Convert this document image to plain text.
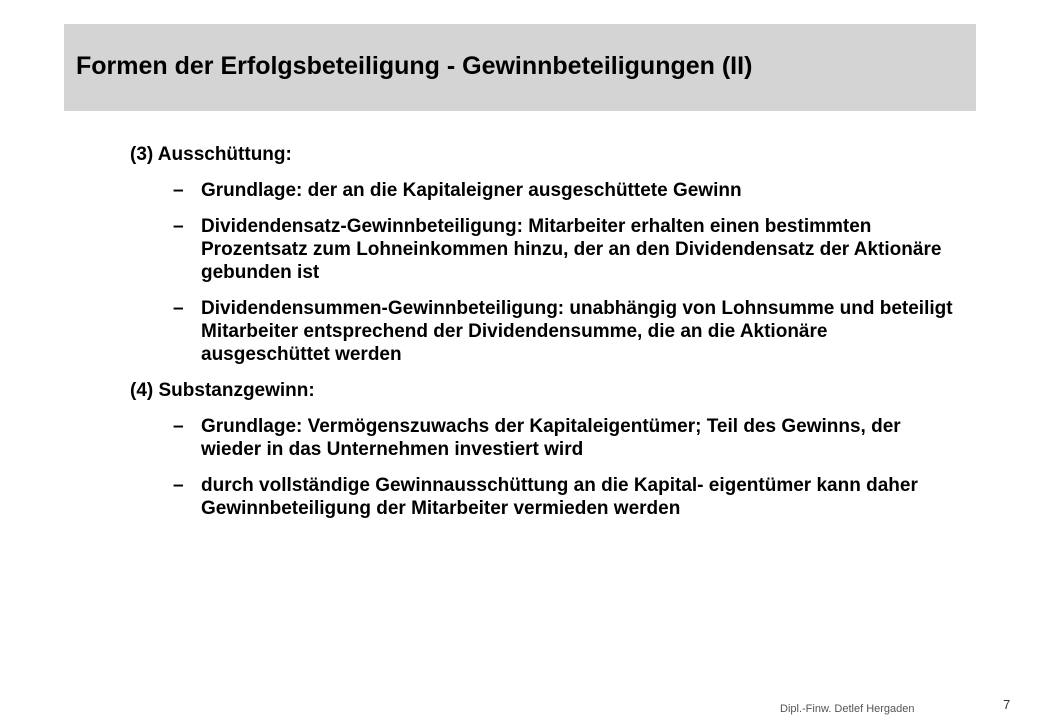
Formen der Erfolgsbeteiligung - Gewinnbeteiligungen (II)

(3) Ausschüttung:

– Grundlage: der an die Kapitaleigner ausgeschüttete Gewinn
– Dividendensatz-Gewinnbeteiligung: Mitarbeiter erhalten einen bestimmten Prozentsatz zum Lohneinkommen hinzu, der an den Dividendensatz der Aktionäre gebunden ist
– Dividendensummen-Gewinnbeteiligung: unabhängig von Lohnsumme und beteiligt Mitarbeiter entsprechend der Dividendensumme, die an die Aktionäre ausgeschüttet werden

(4) Substanzgewinn:

– Grundlage: Vermögenszuwachs der Kapitaleigentümer; Teil des Gewinns, der wieder in das Unternehmen investiert wird
– durch vollständige Gewinnausschüttung an die Kapital- eigentümer kann daher Gewinnbeteiligung der Mitarbeiter vermieden werden
Dipl.-Finw. Detlef Hergaden	7
